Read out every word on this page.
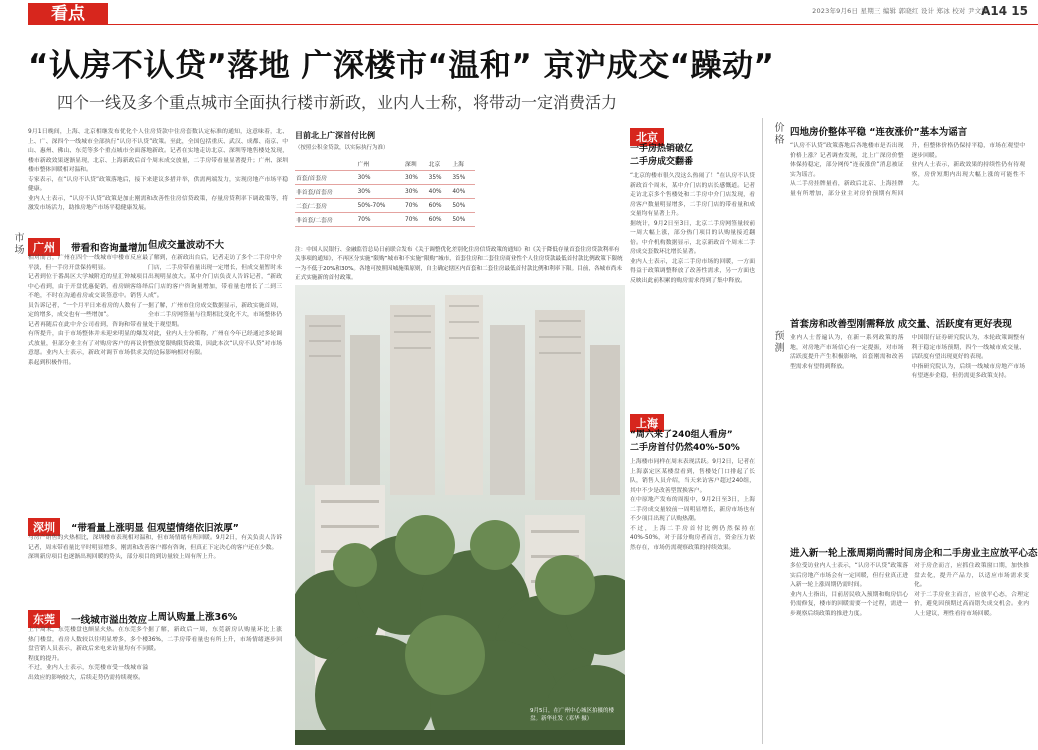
看点	2023年9月6日 星期三 编辑 郭晓红 设计 郑冰 校对 尹文静
A14 15
“认房不认贷”落地 广深楼市“温和” 京沪成交“躁动”
四个一线及多个重点城市全面执行楼市新政，业内人士称，将带动一定消费活力

9月1日晚间，上海、北京相继发布优化个人住房贷款中住房套数认定标准的通知，这意味着，北、上、广、深四个一线城市全部执行“认房不认贷”政策。至此，全国包括重庆、武汉、成都、南京、中山、惠州、佛山、东莞等多个重点城市全面落地新政。记者在实地走访北京、深圳等地售楼处发现，楼市新政效果逐渐显现，北京、上海新政后首个周末成交放量，二手房带看量显著提升；广州、深圳楼市整体回暖相对温和。

专家表示，在“认房不认贷”政策落地后，接下来建议多措并举，供需两端发力，实现房地产市场平稳健康。

业内人士表示，“认房不认贷”政策是加止刚需和改善性住房信贷政策，存量房贷利率下调政策等，将激发市场活力，助推房地产市场平稳健康发展。

市场
价格
预测
广州 带看和咨询量增加

相对而言，广州在四个一线城市中楼市反应最平淡，但一手房开盘保持明显。

记者到位于番禺区大学城附近的星汇钟城项目中心看到，由于开盘优惠促销，看房顾客络绎不绝，不时在沟通看房或交谈签意中。销售人员告诉记者，“一个月平日来看房的人数有了一定的增多，成交也有一些增加”。

记者再随后在此中介公司看到，咨询和带看量有所提升，由于市场整体并未迎来明显的爆发式放量，但部分业主有了对购房客户的再议价意愿。业内人士表示，新政对调节市场供求关系起到积极作用。

但成交量波动不大

了解到，在新政出台后，记者走访了多个二手房中介门店，二手房带看量出现一定增长，但成交量暂时未出现明显放大。某中介门店负责人告诉记者，“新政后门店的客户咨询量增加，带看量也增长了二到三成”。

据了解，广州市住房成交数据显示，新政实施首周，全市二手房网签量与往期相比变化不大，市场整体仍处于观望期。

对此，业内人士分析称，广州在今年已经通过多轮调整放宽限购限贷政策，因此本次“认房不认贷”对市场的边际影响相对有限。

深圳 “带看量上涨明显 但观望情绪依旧浓厚”

与房产销售的火热相比，深圳楼市表现相对温和，但市场情绪有所回暖。9月2日，有关负责人告诉记者，周末带看量比平时明显增多，刚需和改善客户都有咨询，但真正下定决心的客户还在少数。

深圳新房项目也逐渐出现回暖的势头，部分项目的到访量较上周有所上升。

东莞 一线城市溢出效应

上个周末，东莞楼盘也颇显火热。在东莞多个热门楼盘，看房人数较以往明显增多，多个楼盘营销人员表示，新政后来电来访量均有不同程度的提升。

不过，业内人士表示，东莞楼市受一线城市溢出效应的影响较大，后续走势仍需持续观察。

上周认购量上涨36%

据了解，新政后一周，东莞新房认购量环比上涨36%，二手房带看量也有所上升，市场情绪逐步回暖。

目前北上广深首付比例
（按照公积金贷款，以实际执行为准）
	广州	深圳	北京	上海
首套/首套房	30%	30%	35%	35%
非首套/首套房	30%	30%	40%	40%
二套/二套房	50%-70%	70%	60%	50%
非首套/二套房	70%	70%	60%	50%
注：中国人民银行、金融监管总局日前联合发布《关于调整优化差别化住房信贷政策的通知》和《关于降低存量首套住房贷款利率有关事项的通知》，不再区分实施“限购”城市和不实施“限购”城市，首套住房和二套住房商业性个人住房贷款最低首付款比例政策下限统一为不低于20%和30%。各地可按照因城施策原则，自主确定辖区内首套和二套住房最低首付款比例和利率下限。目前，各城市尚未正式实施新的首付政策。
9月5日，在广州中心城区拍摄的楼盘。新华社发（邓华 摄）
北京
一手房热销破亿
二手房成交翻番

“北京的楼市很久没这么热闹了！”在认房不认贷新政首个周末，某中介门店的店长感慨道。记者走访北京多个售楼处和二手房中介门店发现，看房客户数量明显增多，二手房门店的带看量和成交量均有显著上升。

据统计，9月2日至3日，北京二手房网签量较前一周大幅上涨，部分热门项目的认购量接近翻倍。中介机构数据显示，北京新政首个周末二手房成交套数环比增长显著。

业内人士表示，北京二手房市场的回暖，一方面得益于政策调整释放了改善性需求，另一方面也反映出此前积累的购房需求得到了集中释放。

上海
“周六来了240组人看房”
二手房首付仍然40%-50%

上海楼市同样在周末表现活跃。9月2日，记者在上海嘉定区某楼盘看到，售楼处门口排起了长队，销售人员介绍，当天来访客户超过240组，其中不少是改善型置换客户。

在中原地产发布的周报中，9月2日至3日，上海二手房成交量较前一周明显增长，新房市场也有不少项目出现了认购热潮。

不过，上海二手房首付比例仍然保持在40%-50%，对于部分购房者而言，资金压力依然存在，市场仍需观察政策的持续效果。

四地房价整体平稳 “连夜涨价”基本为谣言

“认房不认贷”政策落地后各地楼市是否出现价格上涨？记者调查发现，北上广深房价整体保持稳定，部分网传“连夜涨价”消息被证实为谣言。

从二手房挂牌量看，新政后北京、上海挂牌量有所增加，部分业主对房价预期有所回升，但整体价格仍保持平稳，市场在观望中逐步回暖。

业内人士表示，新政效果的持续性仍有待观察，房价短期内出现大幅上涨的可能性不大。

首套房和改善型刚需释放 成交量、活跃度有更好表现

业内人士普遍认为，在新一系列政策的落地，对房地产市场信心有一定提振，对市场活跃度提升产生积极影响，首套刚需和改善型需求有望得到释放。

中国银行证券研究院认为，本轮政策调整有利于稳定市场预期，四个一线城市成交量、活跃度有望出现更好的表现。

中指研究院认为，后续一线城市房地产市场有望逐步企稳，但仍需更多政策支持。

进入新一轮上涨周期尚需时间

多位受访业内人士表示，“认房不认贷”政策落实后房地产市场会有一定回暖，但行业真正进入新一轮上涨周期仍需时间。

业内人士指出，目前居民收入预期和购房信心仍需修复，楼市的回暖需要一个过程，需进一步观察后续政策的推进力度。

房企和二手房业主应放平心态

对于房企而言，应抓住政策窗口期，加快推盘去化，提升产品力，以适应市场需求变化。

对于二手房业主而言，应放平心态，合理定价，避免因预期过高而错失成交机会。业内人士建议，理性看待市场回暖。
